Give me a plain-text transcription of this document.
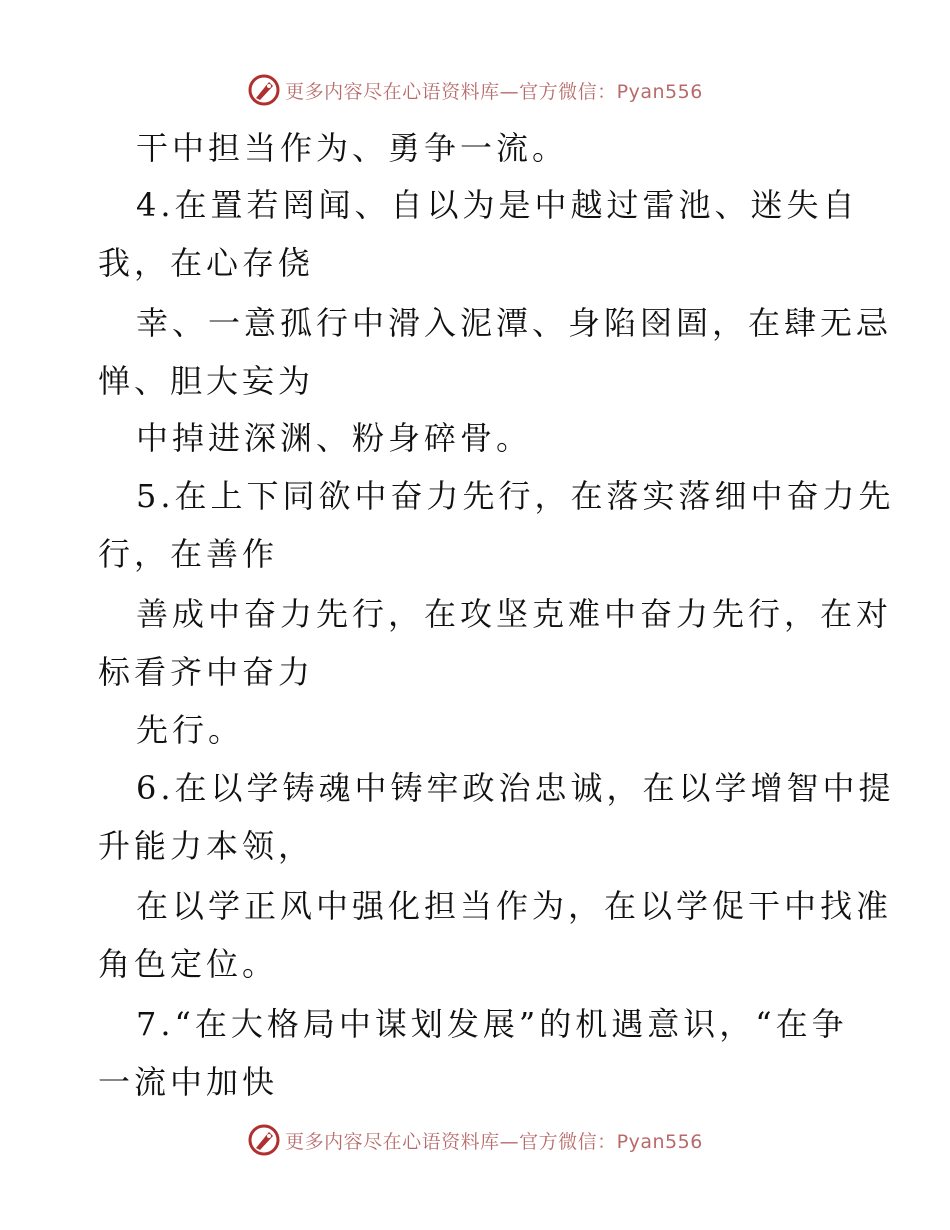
更多内容尽在心语资料库—官方微信：Pyan556
干中担当作为、勇争一流。
4.在置若罔闻、自以为是中越过雷池、迷失自
我，在心存侥
幸、一意孤行中滑入泥潭、身陷囹圄，在肆无忌
惮、胆大妄为
中掉进深渊、粉身碎骨。
5.在上下同欲中奋力先行，在落实落细中奋力先
行，在善作
善成中奋力先行，在攻坚克难中奋力先行，在对
标看齐中奋力
先行。
6.在以学铸魂中铸牢政治忠诚，在以学增智中提
升能力本领，
在以学正风中强化担当作为，在以学促干中找准
角色定位。
7.“在大格局中谋划发展”的机遇意识，“在争
一流中加快
更多内容尽在心语资料库—官方微信：Pyan556
